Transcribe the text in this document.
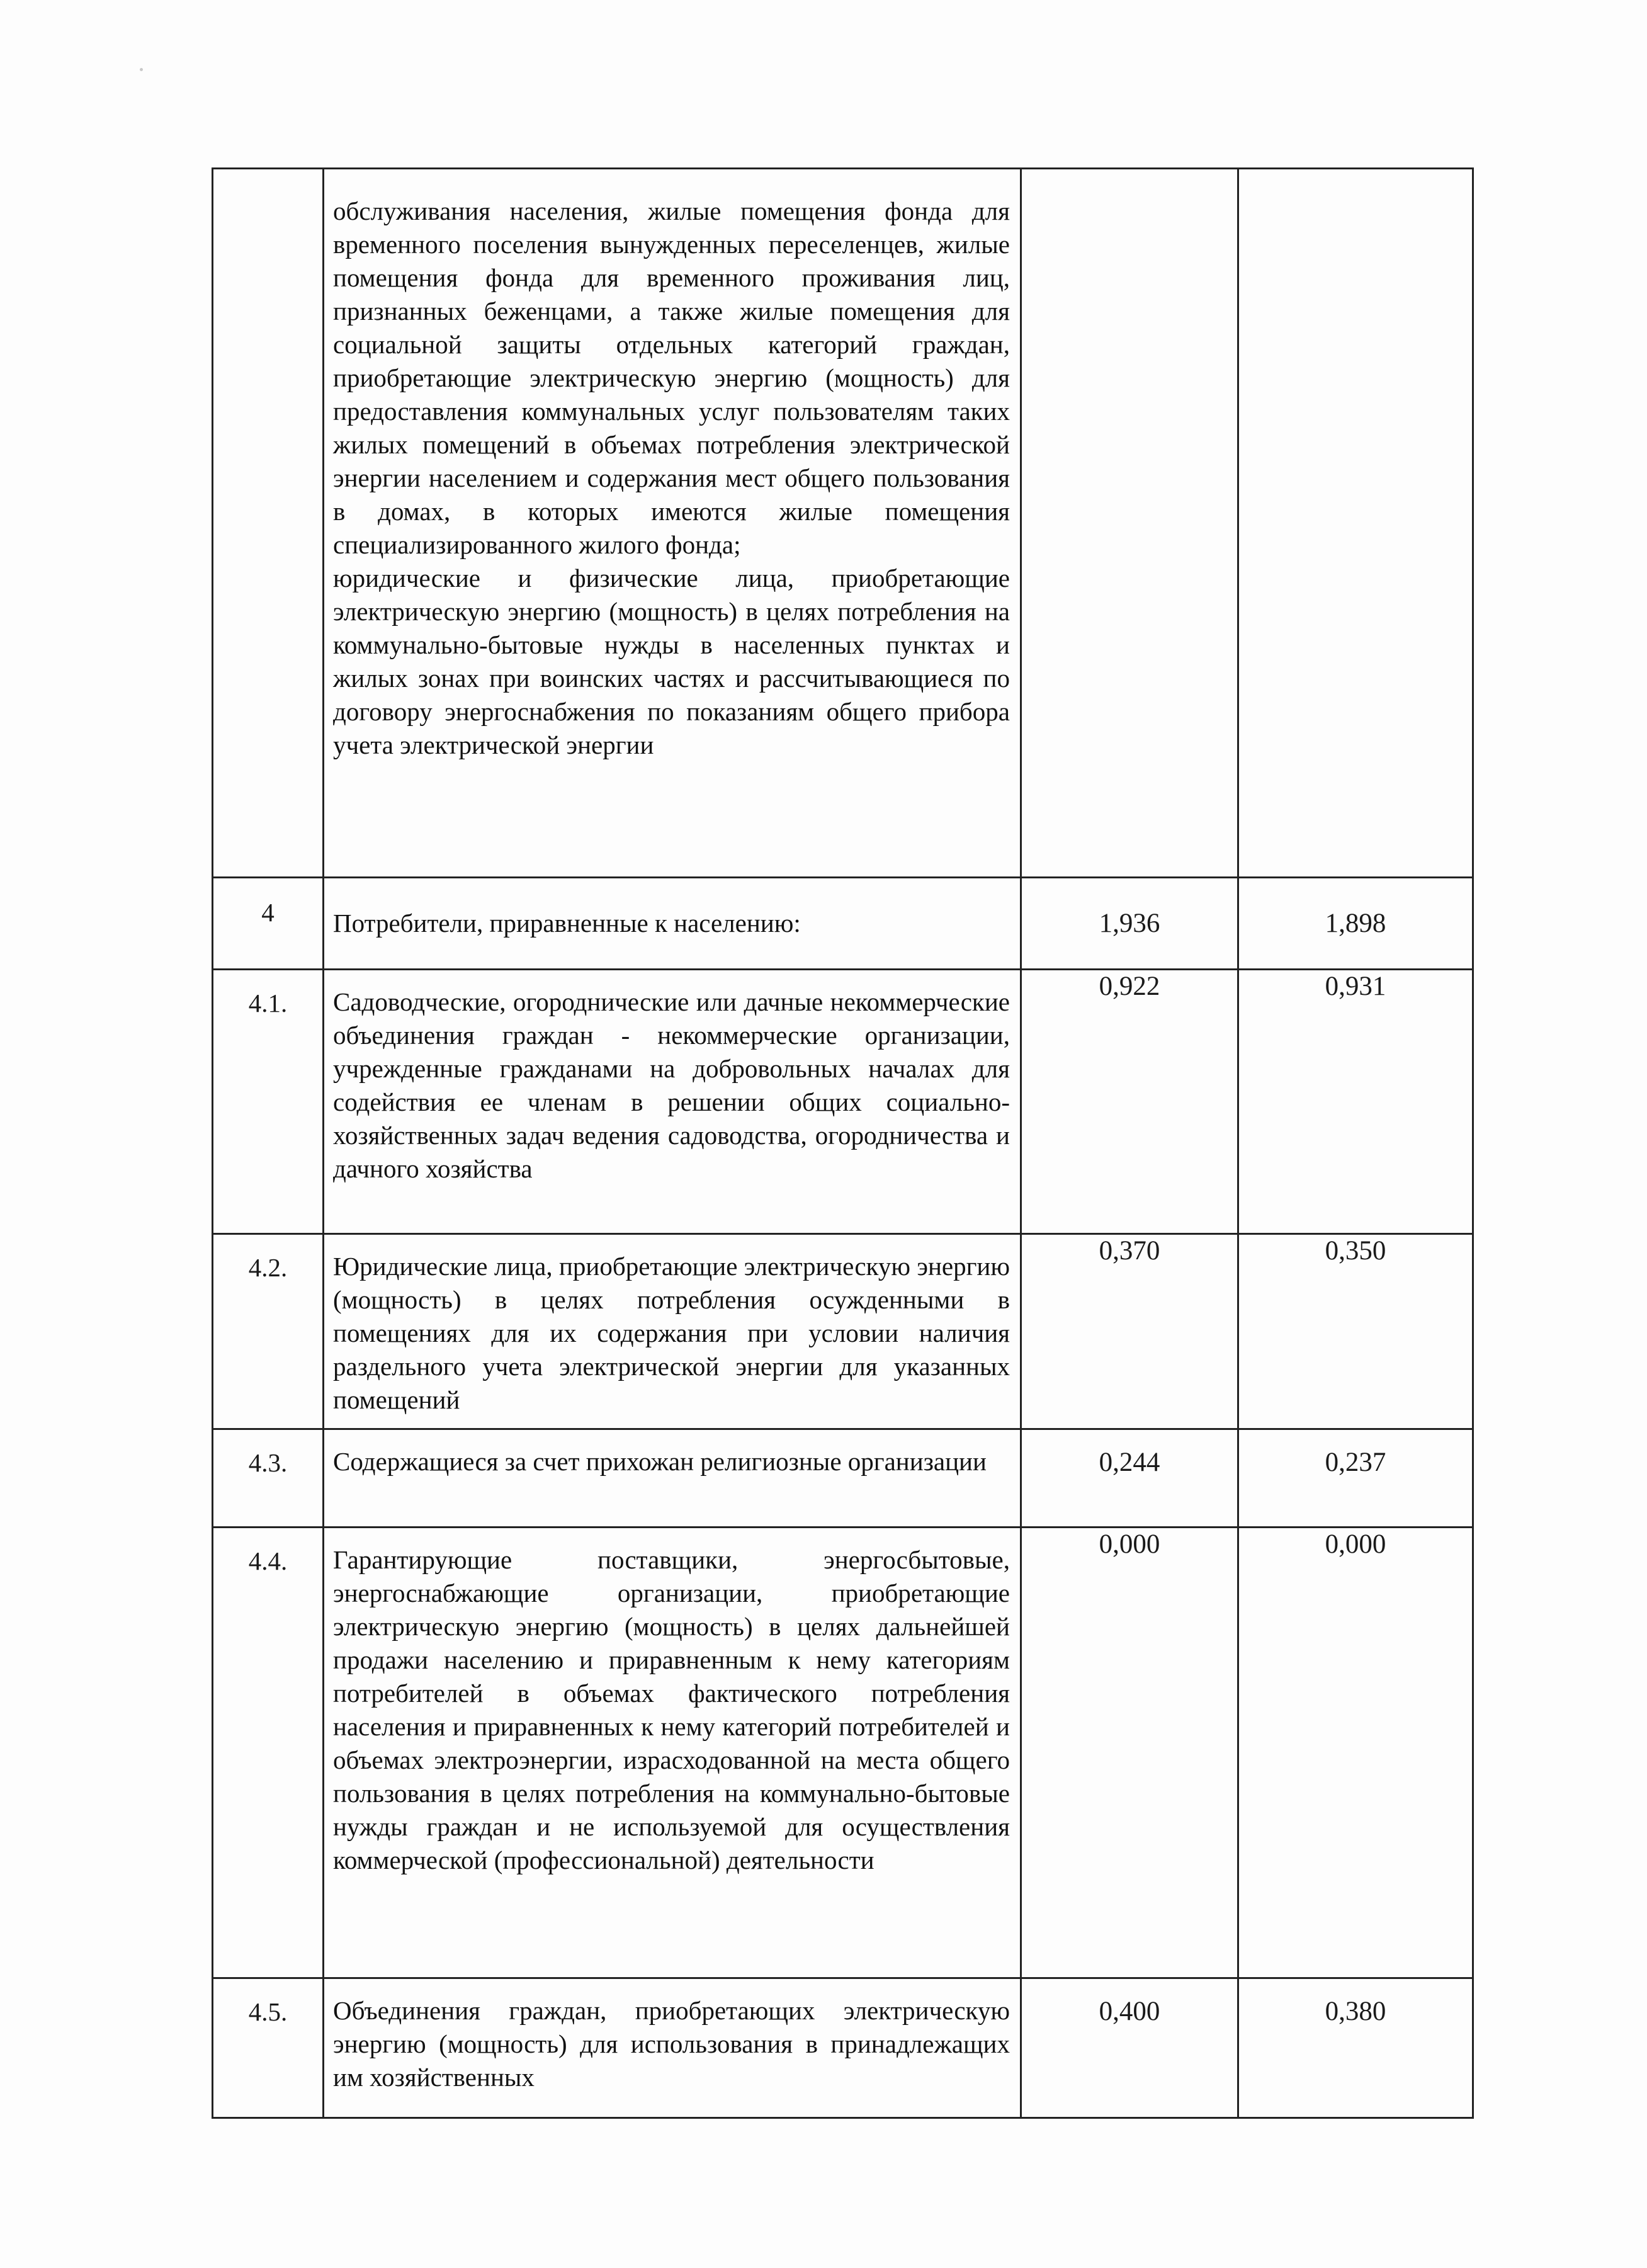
	обслуживания населения, жилые помещения фонда для временного поселения вынужденных переселенцев, жилые помещения фонда для временного проживания лиц, признанных беженцами, а также жилые помещения для социальной защиты отдельных категорий граждан, приобретающие электрическую энергию (мощность) для предоставления коммунальных услуг пользователям таких жилых помещений в объемах потребления электрической энергии населением и содержания мест общего пользования в домах, в которых имеются жилые помещения специализированного жилого фонда;

юридические и физические лица, приобретающие электрическую энергию (мощность) в целях потребления на коммунально-бытовые нужды в населенных пунктах и жилых зонах при воинских частях и рассчитывающиеся по договору энергоснабжения по показаниям общего прибора учета электрической энергии		

4	Потребители, приравненные к населению:	1,936	1,898
4.1.	Садоводческие, огороднические или дачные некоммерческие объединения граждан - некоммерческие организации, учрежденные гражданами на добровольных началах для содействия ее членам в решении общих социально-хозяйственных задач ведения садоводства, огородничества и дачного хозяйства	0,922	0,931
4.2.	Юридические лица, приобретающие электрическую энергию (мощность) в целях потребления осужденными в помещениях для их содержания при условии наличия раздельного учета электрической энергии для указанных помещений	0,370	0,350
4.3.	Содержащиеся за счет прихожан религиозные организации	0,244	0,237
4.4.	Гарантирующие поставщики, энергосбытовые, энергоснабжающие организации, приобретающие электрическую энергию (мощность) в целях дальнейшей продажи населению и приравненным к нему категориям потребителей в объемах фактического потребления населения и приравненных к нему категорий потребителей и объемах электроэнергии, израсходованной на места общего пользования в целях потребления на коммунально-бытовые нужды граждан и не используемой для осуществления коммерческой (профессиональной) деятельности	0,000	0,000
4.5.	Объединения граждан, приобретающих электрическую энергию (мощность) для использования в принадлежащих им хозяйственных	0,400	0,380
